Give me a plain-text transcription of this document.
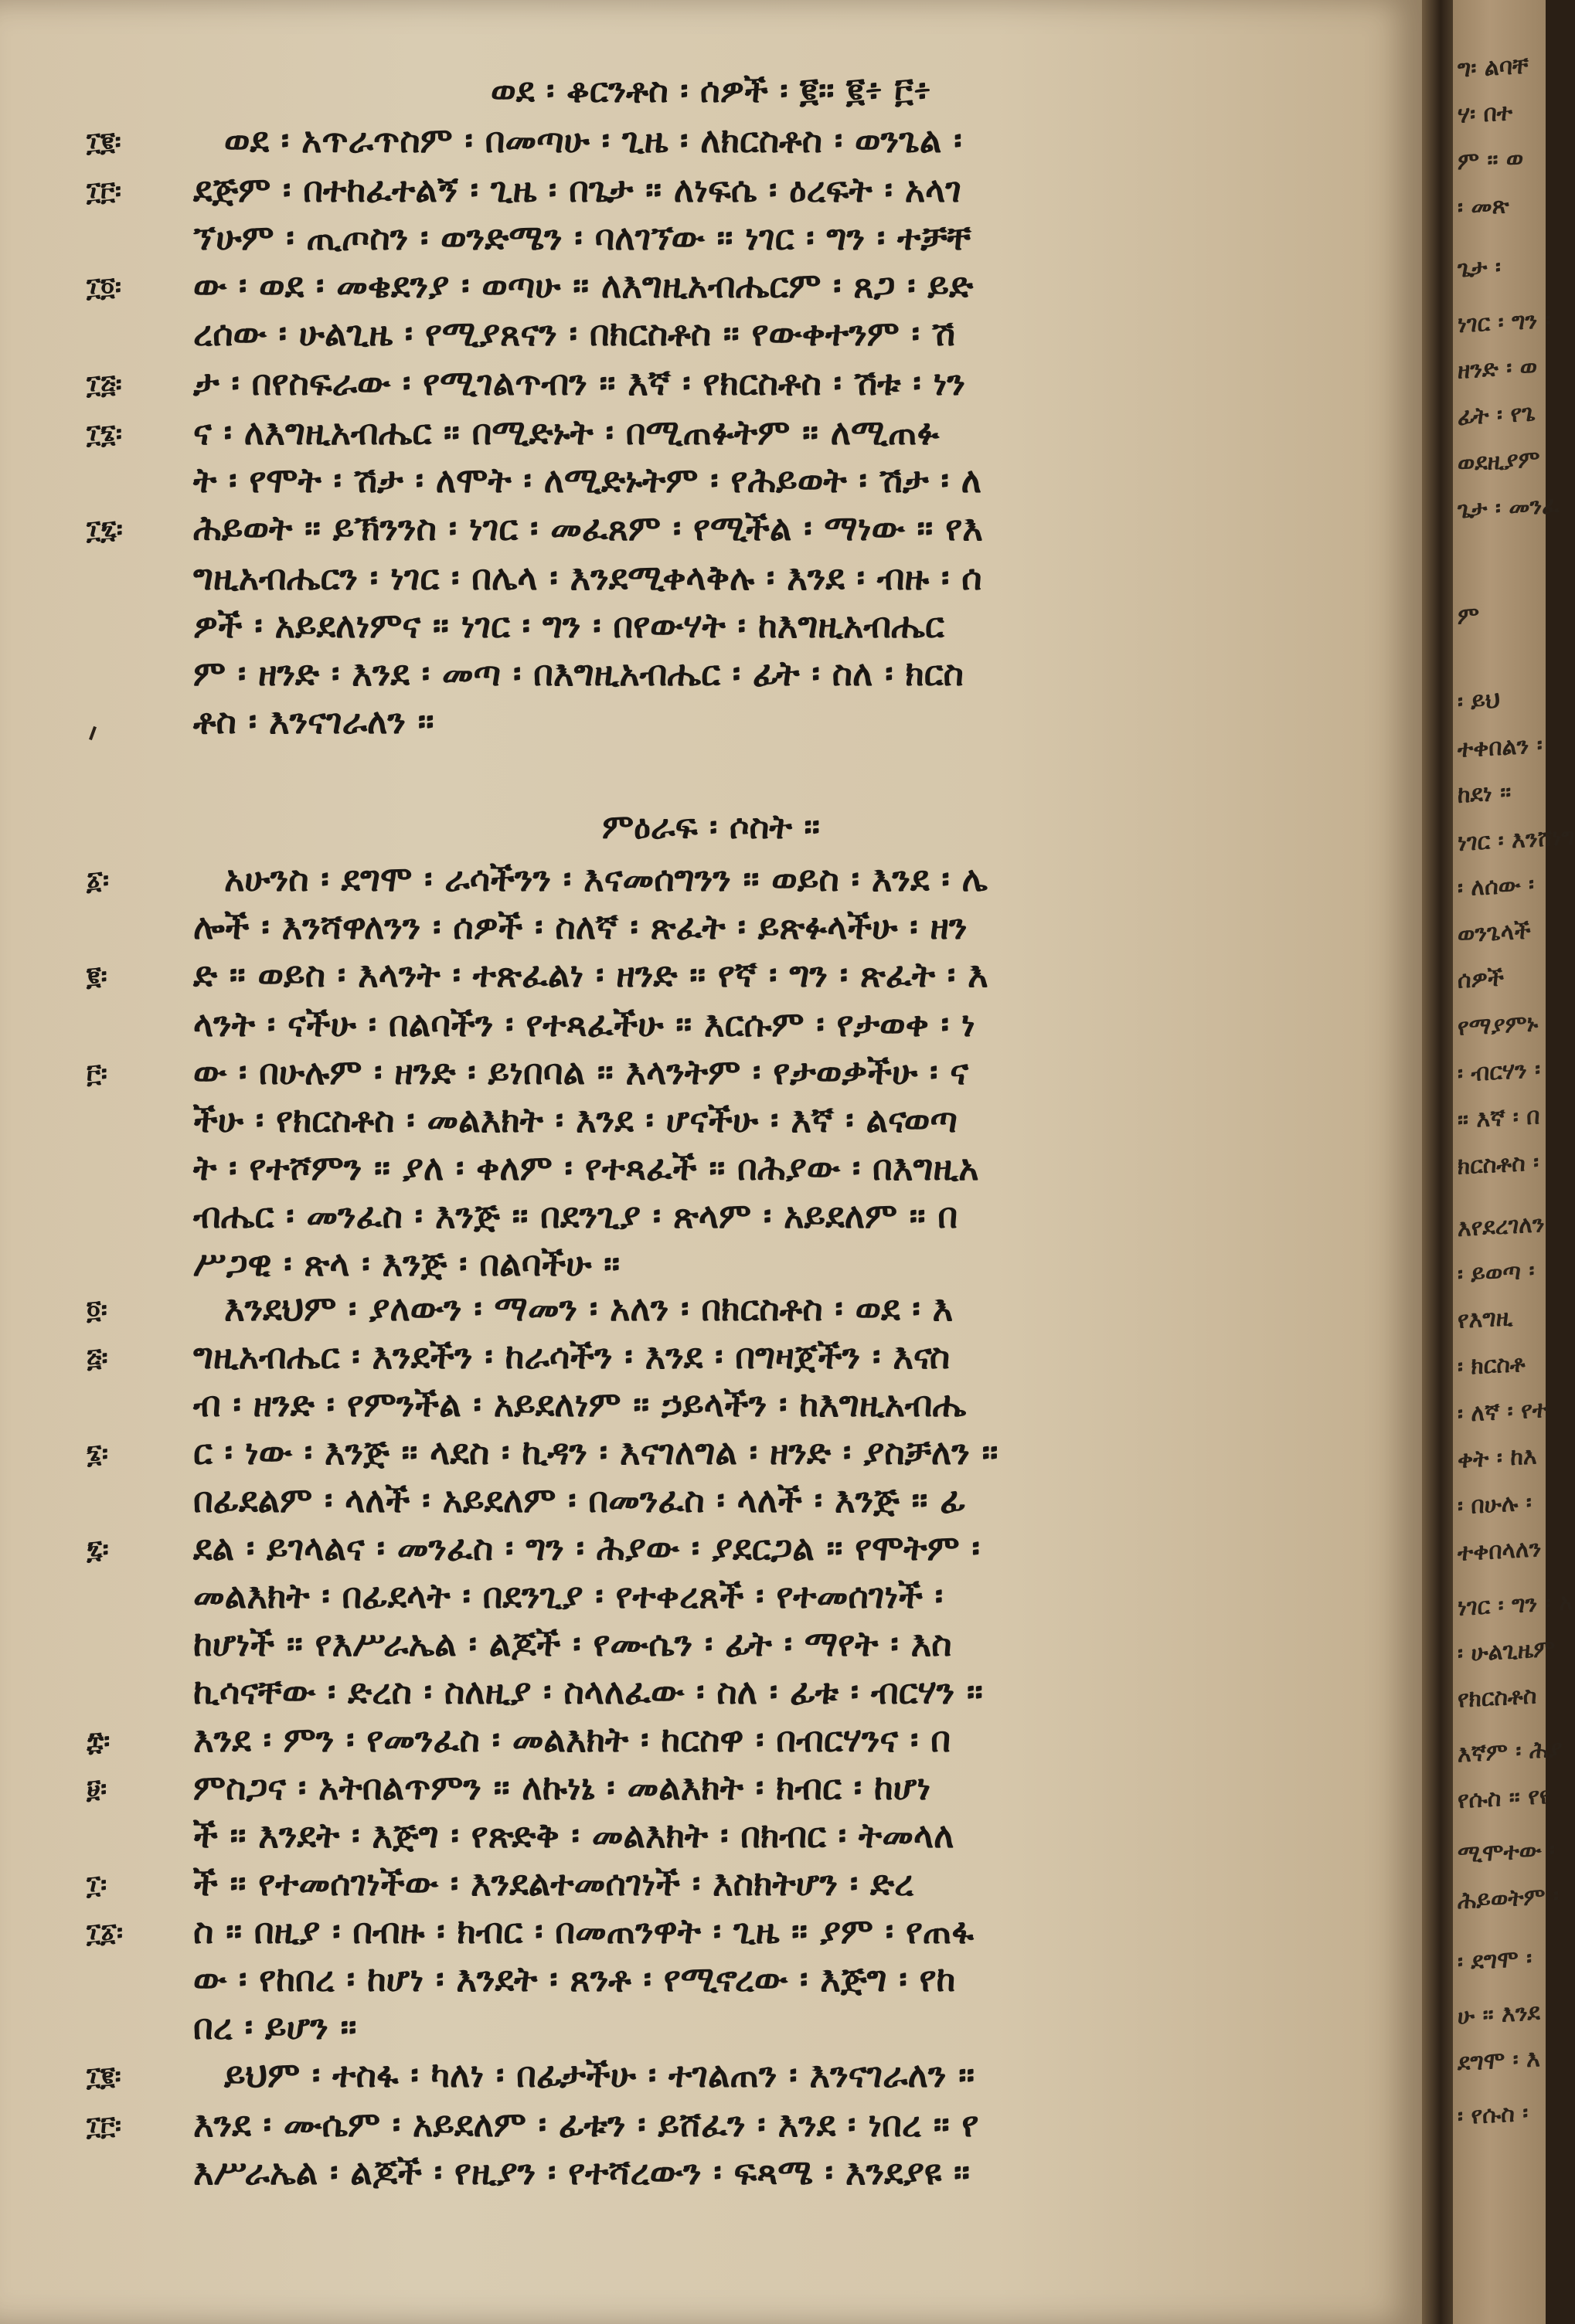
ወደ ፡ ቆርንቶስ ፡ ሰዎች ፡ ፪። ፪፥ ፫፥
ምዕራፍ ፡ ሶስት ።
ወደ ፡ አጥራጥስም ፡ በመጣሁ ፡ ጊዜ ፡ ለክርስቶስ ፡ ወንጌል ፡
ደጅም ፡ በተከፈተልኝ ፡ ጊዜ ፡ በጌታ ። ለነፍሴ ፡ ዕረፍት ፡ አላገ
ኘሁም ፡ ጢጦስን ፡ ወንድሜን ፡ ባለገኘው ። ነገር ፡ ግን ፡ ተቻቸ
ው ፡ ወደ ፡ መቄደንያ ፡ ወጣሁ ። ለእግዚአብሔርም ፡ ጸጋ ፡ ይድ
ረሰው ፡ ሁልጊዜ ፡ የሚያጸናን ፡ በክርስቶስ ። የውቀተንም ፡ ሽ
ታ ፡ በየስፍራው ፡ የሚገልጥብን ። እኛ ፡ የክርስቶስ ፡ ሽቱ ፡ ነን
ና ፡ ለእግዚአብሔር ። በሚድኑት ፡ በሚጠፉትም ። ለሚጠፉ
ት ፡ የሞት ፡ ሽታ ፡ ለሞት ፡ ለሚድኑትም ፡ የሕይወት ፡ ሽታ ፡ ለ
ሕይወት ። ይኽንንስ ፡ ነገር ፡ መፈጸም ፡ የሚችል ፡ ማነው ። የእ
ግዚአብሔርን ፡ ነገር ፡ በሌላ ፡ እንደሚቀላቅሉ ፡ እንደ ፡ ብዙ ፡ ሰ
ዎች ፡ አይደለነምና ። ነገር ፡ ግን ፡ በየውሃት ፡ ከእግዚአብሔር
ም ፡ ዘንድ ፡ እንደ ፡ መጣ ፡ በእግዚአብሔር ፡ ፊት ፡ ስለ ፡ ክርስ
ቶስ ፡ እንናገራለን ።
አሁንስ ፡ ደግሞ ፡ ራሳችንን ፡ እናመሰግንን ። ወይስ ፡ እንደ ፡ ሌ
ሎች ፡ እንሻዋለንን ፡ ሰዎች ፡ ስለኛ ፡ ጽፈት ፡ ይጽፉላችሁ ፡ ዘን
ድ ። ወይስ ፡ እላንት ፡ ተጽፈልነ ፡ ዘንድ ። የኛ ፡ ግን ፡ ጽፈት ፡ እ
ላንት ፡ ናችሁ ፡ በልባችን ፡ የተጻፈችሁ ። እርሱም ፡ የታወቀ ፡ ነ
ው ፡ በሁሉም ፡ ዘንድ ፡ ይነበባል ። እላንትም ፡ የታወቃችሁ ፡ ና
ችሁ ፡ የክርስቶስ ፡ መልእክት ፡ እንደ ፡ ሆናችሁ ፡ እኛ ፡ ልናወጣ
ት ፡ የተሾምን ። ያለ ፡ ቀለም ፡ የተጻፈች ። በሕያው ፡ በእግዚአ
ብሔር ፡ መንፈስ ፡ እንጅ ። በደንጊያ ፡ ጽላም ፡ አይደለም ። በ
ሥጋዊ ፡ ጽላ ፡ እንጅ ፡ በልባችሁ ።
እንደህም ፡ ያለውን ፡ ማመን ፡ አለን ፡ በክርስቶስ ፡ ወደ ፡ እ
ግዚአብሔር ፡ እንደችን ፡ ከራሳችን ፡ እንደ ፡ በግዛጀችን ፡ እናስ
ብ ፡ ዘንድ ፡ የምንችል ፡ አይደለነም ። ኃይላችን ፡ ከእግዚአብሔ
ር ፡ ነው ፡ እንጅ ። ላደስ ፡ ኪዳን ፡ እናገለግል ፡ ዘንድ ፡ ያስቻለን ።
በፊደልም ፡ ላለች ፡ አይደለም ፡ በመንፈስ ፡ ላለች ፡ እንጅ ። ፊ
ደል ፡ ይገላልና ፡ መንፈስ ፡ ግን ፡ ሕያው ፡ ያደርጋል ። የሞትም ፡
መልእክት ፡ በፊደላት ፡ በደንጊያ ፡ የተቀረጸች ፡ የተመሰገነች ፡
ከሆነች ። የእሥራኤል ፡ ልጆች ፡ የሙሴን ፡ ፊት ፡ ማየት ፡ እስ
ኪሳናቸው ፡ ድረስ ፡ ስለዚያ ፡ ስላለፈው ፡ ስለ ፡ ፊቱ ፡ ብርሃን ።
እንደ ፡ ምን ፡ የመንፈስ ፡ መልእክት ፡ ከርስዋ ፡ በብርሃንና ፡ በ
ምስጋና ፡ አትበልጥምን ። ለኩነኔ ፡ መልእክት ፡ ክብር ፡ ከሆነ
ች ። እንደት ፡ እጅግ ፡ የጽድቅ ፡ መልእክት ፡ በክብር ፡ ትመላለ
ች ። የተመሰገነችው ፡ እንደልተመሰገነች ፡ እስክትሆን ፡ ድረ
ስ ። በዚያ ፡ በብዙ ፡ ክብር ፡ በመጠንዋት ፡ ጊዜ ። ያም ፡ የጠፋ
ው ፡ የከበረ ፡ ከሆነ ፡ እንደት ፡ ጸንቶ ፡ የሚኖረው ፡ እጅግ ፡ የከ
በረ ፡ ይሆን ።
ይህም ፡ ተስፋ ፡ ካለነ ፡ በፊታችሁ ፡ ተገልጠን ፡ እንናገራለን ።
እንደ ፡ ሙሴም ፡ አይደለም ፡ ፊቱን ፡ ይሸፈን ፡ እንደ ፡ ነበረ ። የ
እሥራኤል ፡ ልጆች ፡ የዚያን ፡ የተሻረውን ፡ ፍጻሜ ፡ እንደያዩ ።
፲፪፡
፲፫፡
፲፬፡
፲፭፡
፲፮፡
፲፯፡
፩፡
፪፡
፫፡
፬፡
፭፡
፮፡
፯፡
፰፡
፱፡
፲፡
፲፩፡
፲፪፡
፲፫፡
ግ፡ ልባቸ
ሃ፡ በተ
ም ። ወ
፡ መጽ
ጌታ ፡
ነገር ፡ ግን ፡
ዘንድ ፡ ወ
ፊት ፡ የጌ
ወደዚያም
ጌታ ፡ መንፈ
ም
፡ ይህ
ተቀበልን ፡
ከደነ ።
ነገር ፡ እንሸነግ
፡ ለሰው ፡
ወንጌላች
ሰዎች
የማያምኑ
፡ ብርሃን ፡
። እኛ ፡ በ
ክርስቶስ ፡
እየደረገለን
፡ ይወጣ ፡
የእግዚ
፡ ክርስቶ
፡ ለኛ ፡ የተ
ቀት ፡ ከእ
፡ በሁሉ ፡
ተቀበላለን
ነገር ፡ ግን ፡ አ
፡ ሁልጊዜም
የክርስቶስ
እኛም ፡ ሕያ
የሱስ ። የየ
ሚሞተው ፡
ሕይወትም ፡
፡ ደግሞ ፡
ሁ ። እንደ
ደግሞ ፡ እ
፡ የሱስ ፡
